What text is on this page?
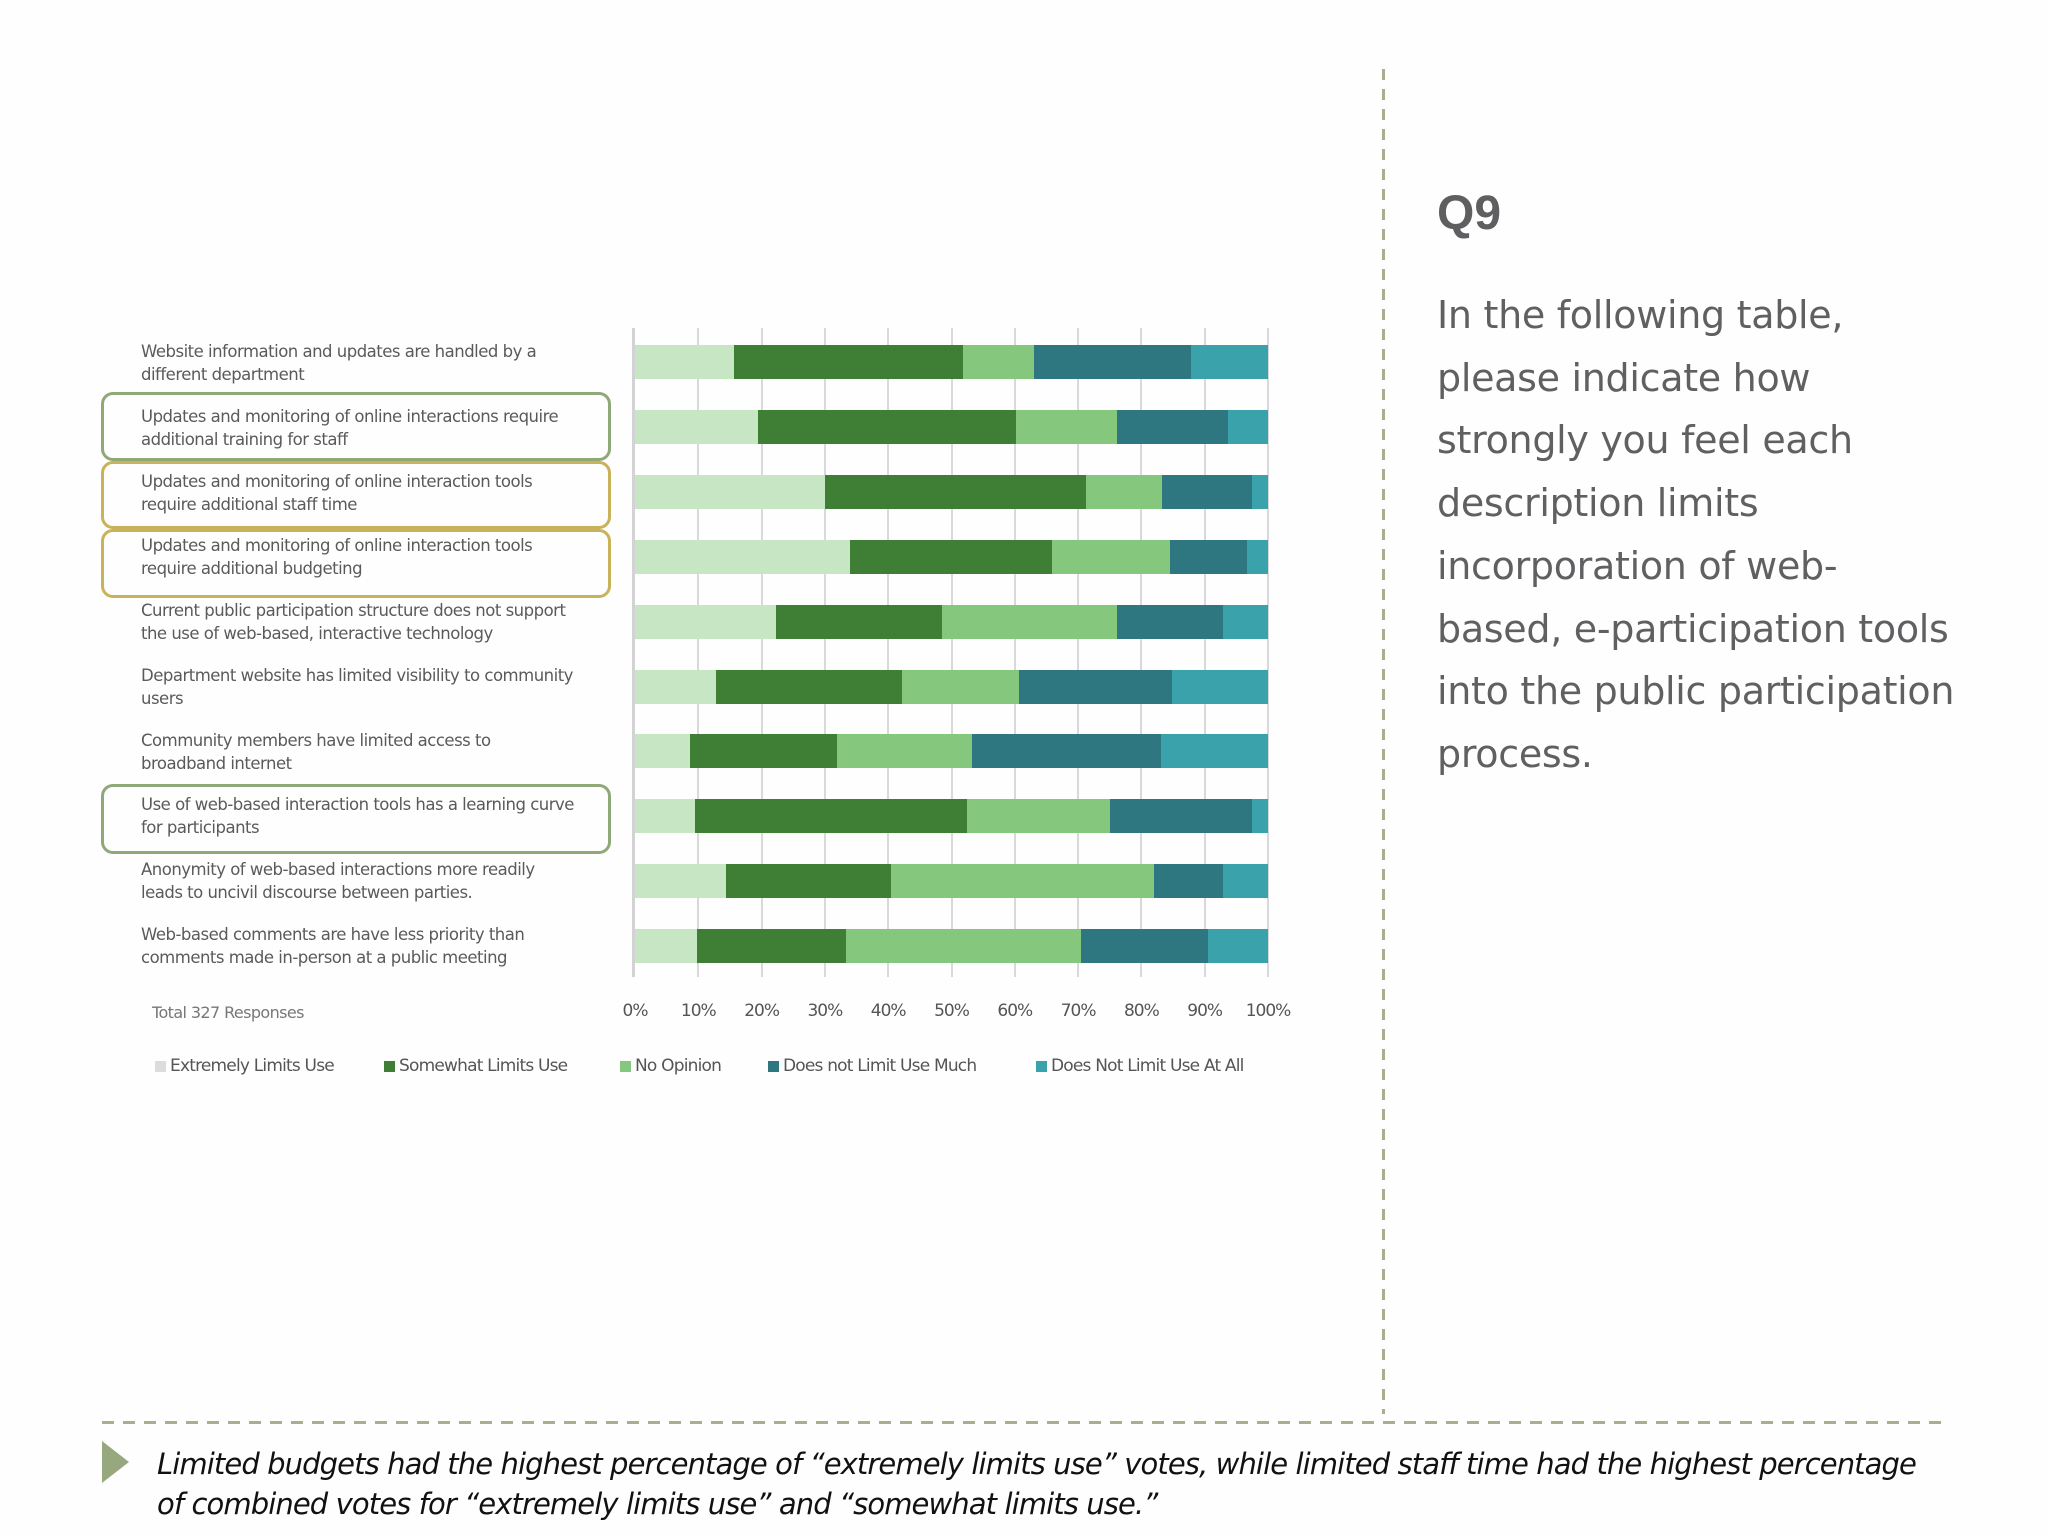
Website information and updates are handled by a
different department
Updates and monitoring of online interactions require
additional training for staff
Updates and monitoring of online interaction tools
require additional staff time
Updates and monitoring of online interaction tools
require additional budgeting
Current public participation structure does not support
the use of web-based, interactive technology
Department website has limited visibility to community
users
Community members have limited access to
broadband internet
Use of web-based interaction tools has a learning curve
for participants
Anonymity of web-based interactions more readily
leads to uncivil discourse between parties.
Web-based comments are have less priority than
comments made in-person at a public meeting
0%	10%	20%	30%	40%	50%	60%	70%	80%	90%	100%
Total 327 Responses
Extremely Limits Use	Somewhat Limits Use	No Opinion	Does not Limit Use Much	Does Not Limit Use At All
Q9
In the following table,
please indicate how
strongly you feel each
description limits
incorporation of web-
based, e-participation tools
into the public participation
process.
Limited budgets had the highest percentage of “extremely limits use” votes, while limited staff time had the highest percentage
of combined votes for “extremely limits use” and “somewhat limits use.”
